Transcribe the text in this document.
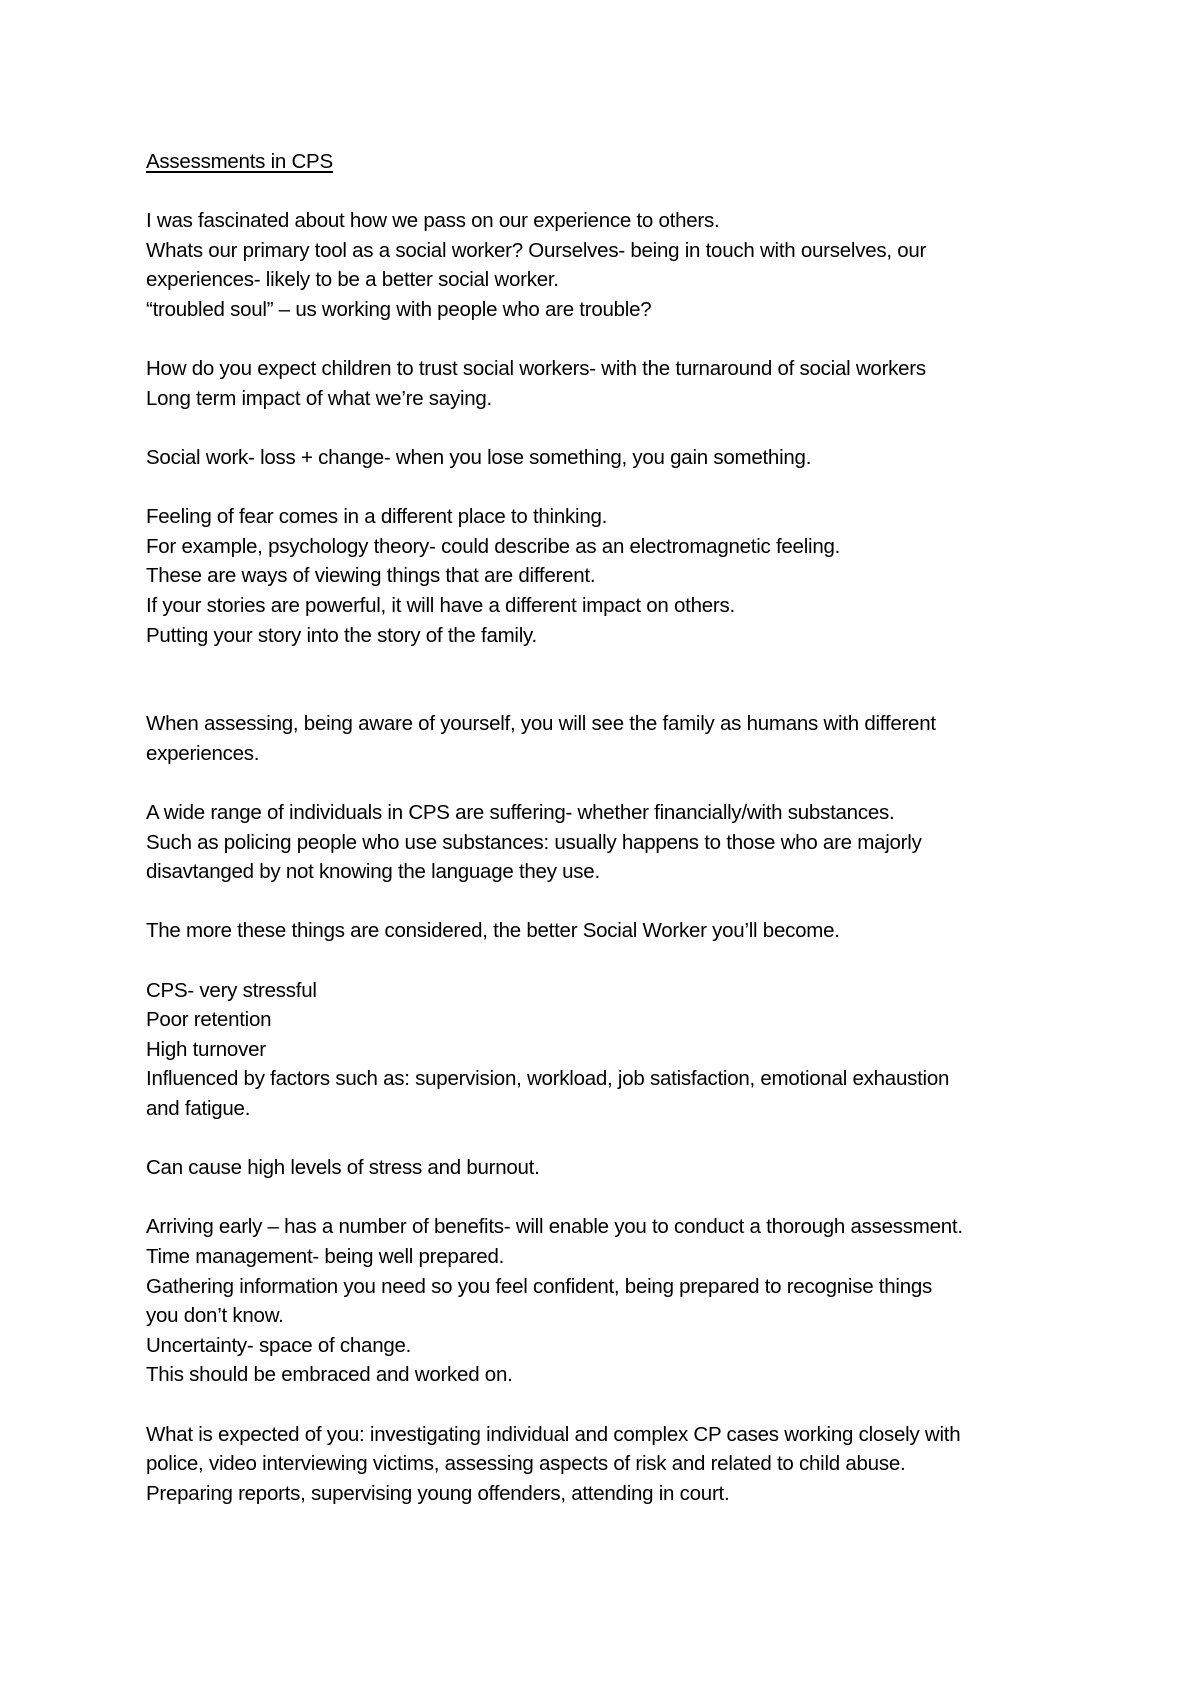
Assessments in CPS
I was fascinated about how we pass on our experience to others.
Whats our primary tool as a social worker? Ourselves- being in touch with ourselves, our
experiences- likely to be a better social worker.
“troubled soul” – us working with people who are trouble?
How do you expect children to trust social workers- with the turnaround of social workers
Long term impact of what we’re saying.
Social work- loss + change- when you lose something, you gain something.
Feeling of fear comes in a different place to thinking.
For example, psychology theory- could describe as an electromagnetic feeling.
These are ways of viewing things that are different.
If your stories are powerful, it will have a different impact on others.
Putting your story into the story of the family.
When assessing, being aware of yourself, you will see the family as humans with different
experiences.
A wide range of individuals in CPS are suffering- whether financially/with substances.
Such as policing people who use substances: usually happens to those who are majorly
disavtanged by not knowing the language they use.
The more these things are considered, the better Social Worker you’ll become.
CPS- very stressful
Poor retention
High turnover
Influenced by factors such as: supervision, workload, job satisfaction, emotional exhaustion
and fatigue.
Can cause high levels of stress and burnout.
Arriving early – has a number of benefits- will enable you to conduct a thorough assessment.
Time management- being well prepared.
Gathering information you need so you feel confident, being prepared to recognise things
you don’t know.
Uncertainty- space of change.
This should be embraced and worked on.
What is expected of you: investigating individual and complex CP cases working closely with
police, video interviewing victims, assessing aspects of risk and related to child abuse.
Preparing reports, supervising young offenders, attending in court.
